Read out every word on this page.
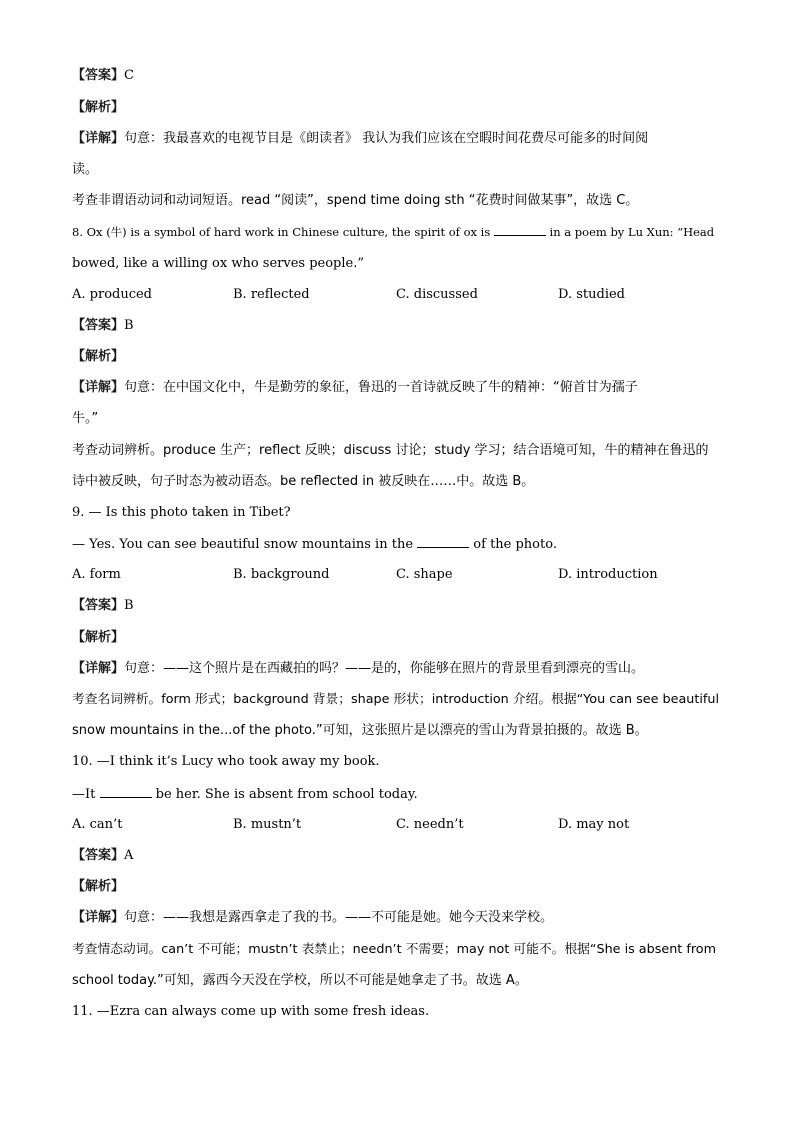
【答案】C
【解析】
【详解】句意：我最喜欢的电视节目是《朗读者》 我认为我们应该在空暇时间花费尽可能多的时间阅
读。
考查非谓语动词和动词短语。read “阅读”，spend time doing sth “花费时间做某事”，故选 C。
8. Ox (牛) is a symbol of hard work in Chinese culture, the spirit of ox is	in a poem by Lu Xun: “Head
bowed, like a willing ox who serves people.”
A. produced	B. reflected	C. discussed	D. studied
【答案】B
【解析】
【详解】句意：在中国文化中，牛是勤劳的象征，鲁迅的一首诗就反映了牛的精神：“俯首甘为孺子
牛。”
考查动词辨析。produce 生产；reflect 反映；discuss 讨论；study 学习；结合语境可知，牛的精神在鲁迅的
诗中被反映，句子时态为被动语态。be reflected in 被反映在……中。故选 B。
9. — Is this photo taken in Tibet?
— Yes. You can see beautiful snow mountains in the	of the photo.
A. form	B. background	C. shape	D. introduction
【答案】B
【解析】
【详解】句意：——这个照片是在西藏拍的吗？——是的，你能够在照片的背景里看到漂亮的雪山。
考查名词辨析。form 形式；background 背景；shape 形状；introduction 介绍。根据“You can see beautiful
snow mountains in the...of the photo.”可知，这张照片是以漂亮的雪山为背景拍摄的。故选 B。
10. —I think it’s Lucy who took away my book.
—It	be her. She is absent from school today.
A. can’t	B. mustn’t	C. needn’t	D. may not
【答案】A
【解析】
【详解】句意：——我想是露西拿走了我的书。——不可能是她。她今天没来学校。
考查情态动词。can’t 不可能；mustn’t 表禁止；needn’t 不需要；may not 可能不。根据“She is absent from
school today.”可知，露西今天没在学校，所以不可能是她拿走了书。故选 A。
11. —Ezra can always come up with some fresh ideas.
